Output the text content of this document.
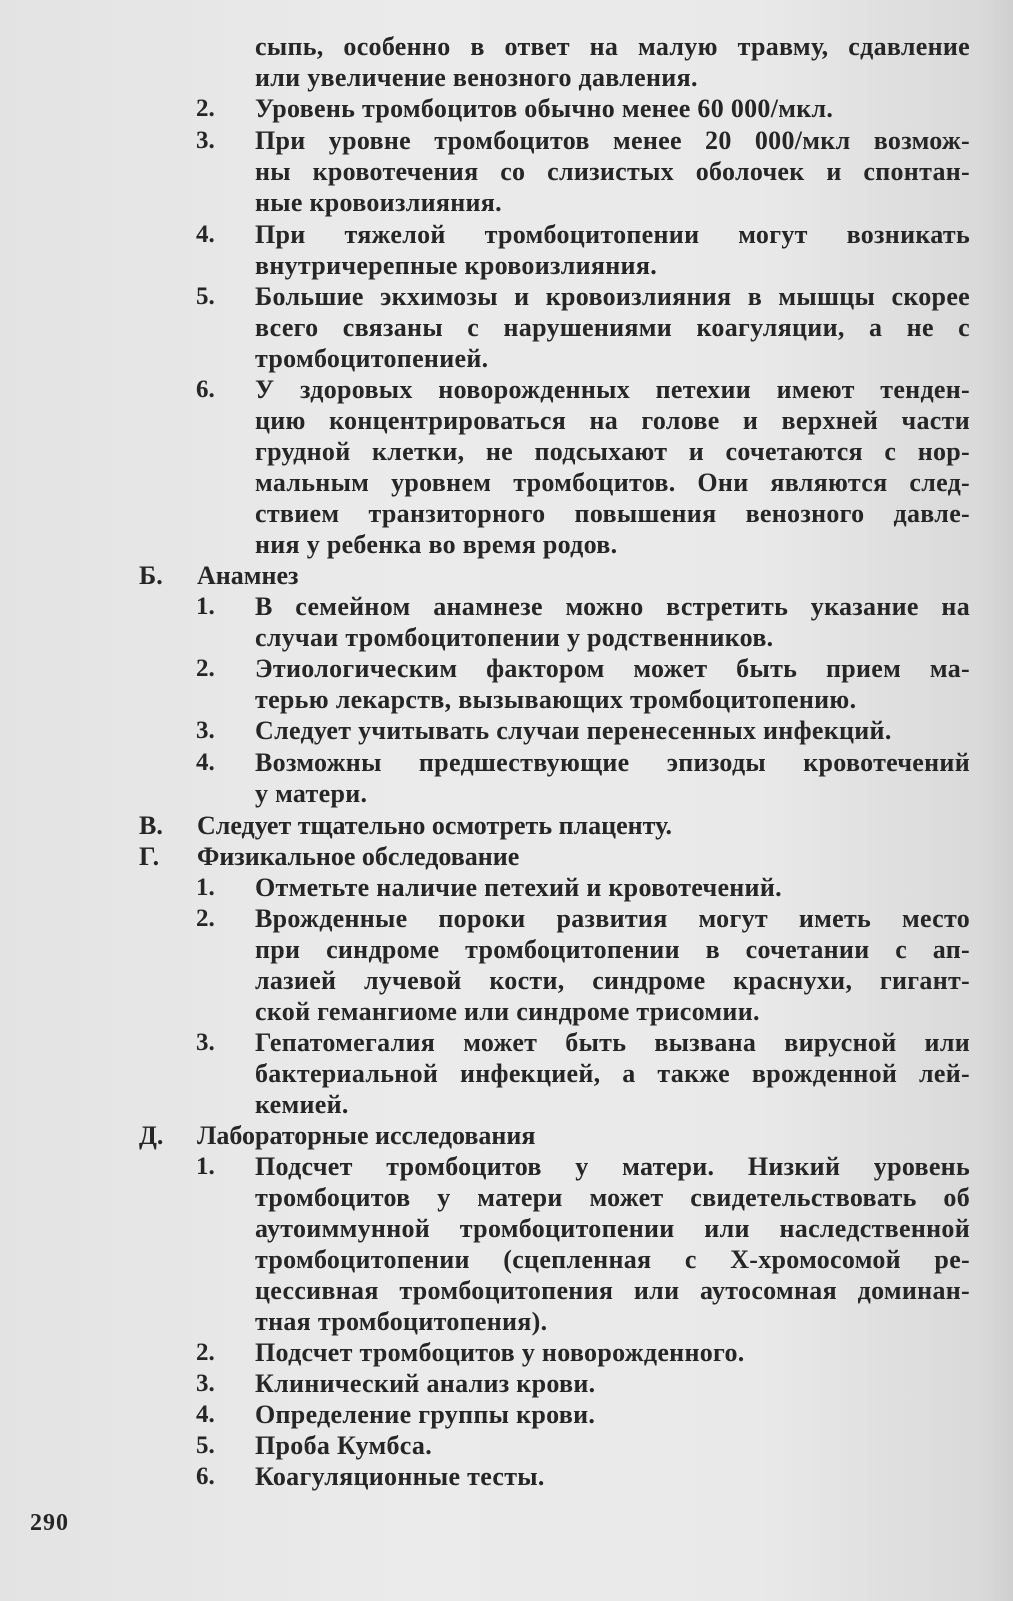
сыпь, особенно в ответ на малую травму, сдавление
или увеличение венозного давления.
2.	Уровень тромбоцитов обычно менее 60 000/мкл.
3.	При уровне тромбоцитов менее 20 000/мкл возмож-
ны кровотечения со слизистых оболочек и спонтан-
ные кровоизлияния.
4.	При тяжелой тромбоцитопении могут возникать
внутричерепные кровоизлияния.
5.	Большие экхимозы и кровоизлияния в мышцы скорее
всего связаны с нарушениями коагуляции, а не с
тромбоцитопенией.
6.	У здоровых новорожденных петехии имеют тенден-
цию концентрироваться на голове и верхней части
грудной клетки, не подсыхают и сочетаются с нор-
мальным уровнем тромбоцитов. Они являются след-
ствием транзиторного повышения венозного давле-
ния у ребенка во время родов.
Б.	Анамнез
1.	В семейном анамнезе можно встретить указание на
случаи тромбоцитопении у родственников.
2.	Этиологическим фактором может быть прием ма-
терью лекарств, вызывающих тромбоцитопению.
3.	Следует учитывать случаи перенесенных инфекций.
4.	Возможны предшествующие эпизоды кровотечений
у матери.
В.	Следует тщательно осмотреть плаценту.
Г.	Физикальное обследование
1.	Отметьте наличие петехий и кровотечений.
2.	Врожденные пороки развития могут иметь место
при синдроме тромбоцитопении в сочетании с ап-
лазией лучевой кости, синдроме краснухи, гигант-
ской гемангиоме или синдроме трисомии.
3.	Гепатомегалия может быть вызвана вирусной или
бактериальной инфекцией, а также врожденной лей-
кемией.
Д.	Лабораторные исследования
1.	Подсчет тромбоцитов у матери. Низкий уровень
тромбоцитов у матери может свидетельствовать об
аутоиммунной тромбоцитопении или наследственной
тромбоцитопении (сцепленная с Х-хромосомой ре-
цессивная тромбоцитопения или аутосомная доминан-
тная тромбоцитопения).
2.	Подсчет тромбоцитов у новорожденного.
3.	Клинический анализ крови.
4.	Определение группы крови.
5.	Проба Кумбса.
6.	Коагуляционные тесты.
290
